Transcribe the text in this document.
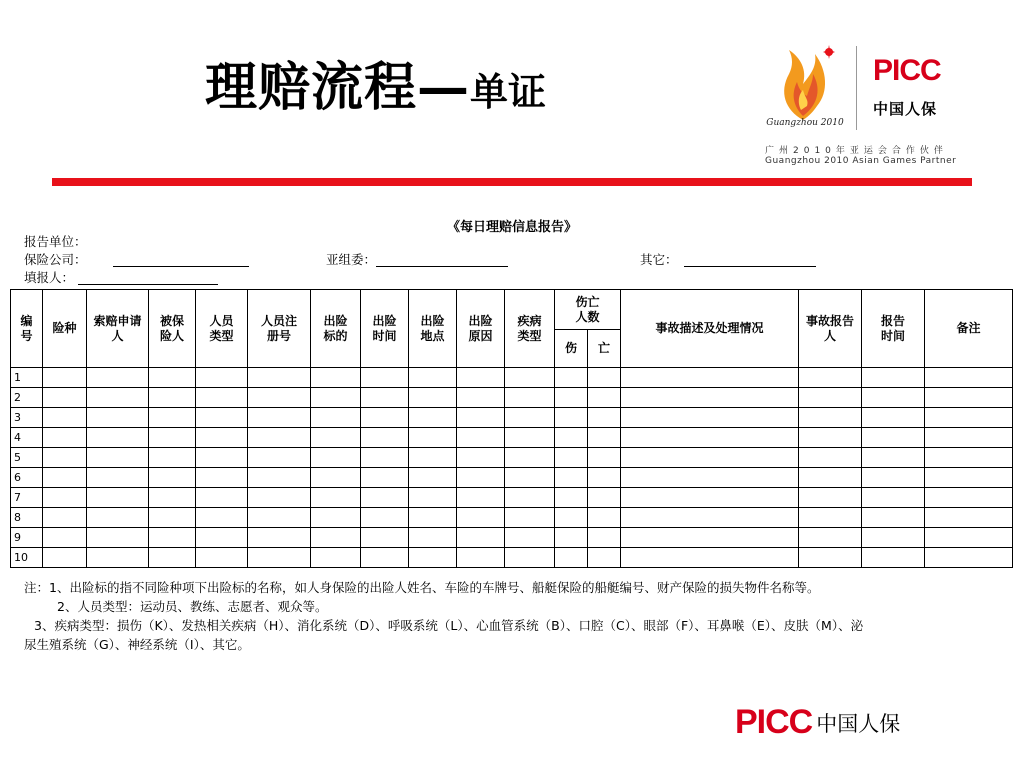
理赔流程—单证
Guangzhou 2010
PICC
中国人保
广州2010年亚运会合作伙伴
Guangzhou 2010 Asian Games Partner
《每日理赔信息报告》
报告单位：
保险公司：	亚组委：	其它：
填报人：
编号	险种	索赔申请人	被保险人	人员类型	人员注册号	出险标的	出险时间	出险地点	出险原因	疾病类型	伤亡人数		事故描述及处理情况	事故报告人	报告时间	备注
											伤	亡				
1																
2																
3																
4																
5																
6																
7																
8																
9																
10																
注：1、出险标的指不同险种项下出险标的名称，如人身保险的出险人姓名、车险的车牌号、船艇保险的船艇编号、财产保险的损失物件名称等。
2、人员类型：运动员、教练、志愿者、观众等。
3、疾病类型：损伤（K）、发热相关疾病（H）、消化系统（D）、呼吸系统（L）、心血管系统（B）、口腔（C）、眼部（F）、耳鼻喉（E）、皮肤（M）、泌
尿生殖系统（G）、神经系统（I）、其它。
PICC 中国人保
